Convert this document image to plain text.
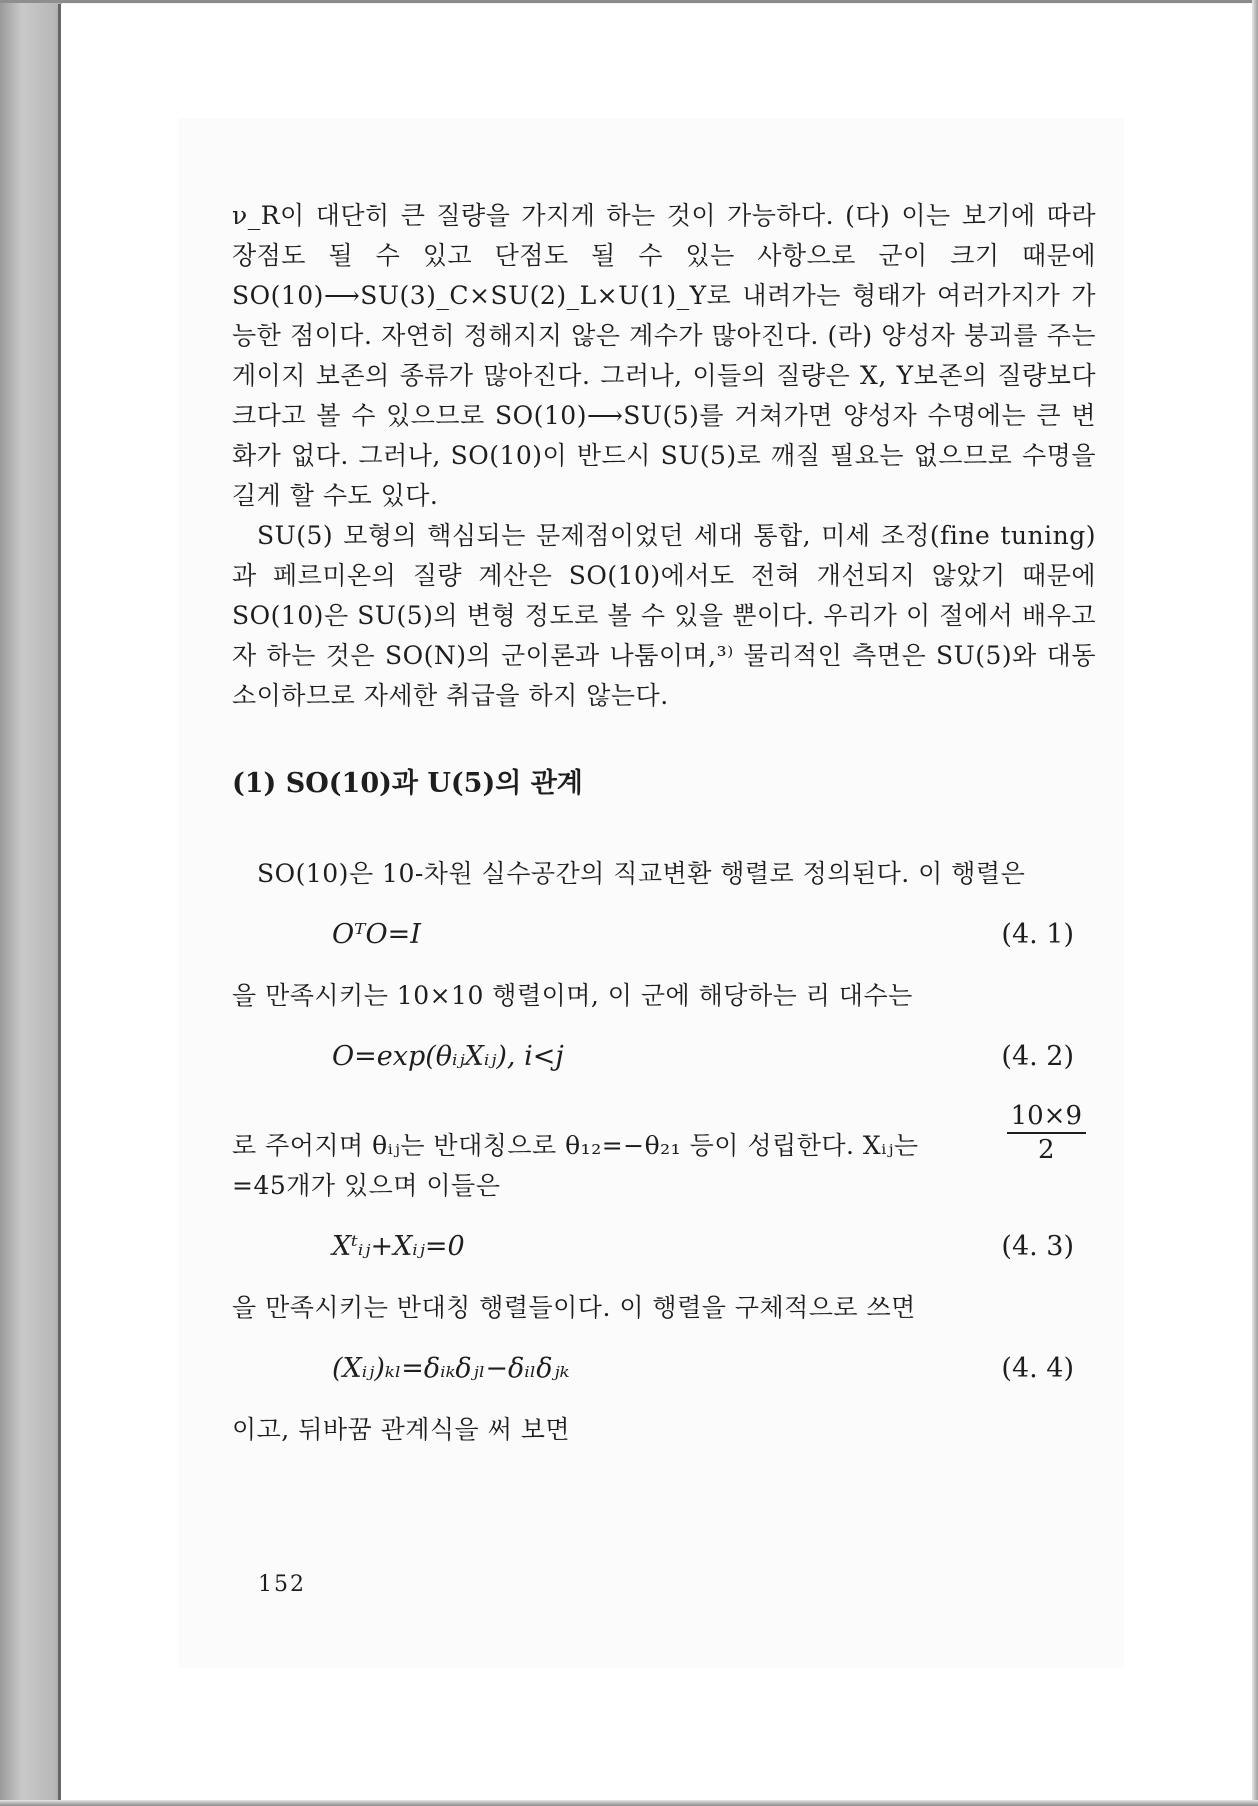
ν_R이 대단히 큰 질량을 가지게 하는 것이 가능하다. (다) 이는 보기에 따라 장점도 될 수 있고 단점도 될 수 있는 사항으로 군이 크기 때문에 SO(10)⟶SU(3)_C×SU(2)_L×U(1)_Y로 내려가는 형태가 여러가지가 가능한 점이다. 자연히 정해지지 않은 계수가 많아진다. (라) 양성자 붕괴를 주는 게이지 보존의 종류가 많아진다. 그러나, 이들의 질량은 X, Y보존의 질량보다 크다고 볼 수 있으므로 SO(10)⟶SU(5)를 거쳐가면 양성자 수명에는 큰 변화가 없다. 그러나, SO(10)이 반드시 SU(5)로 깨질 필요는 없으므로 수명을 길게 할 수도 있다.

SU(5) 모형의 핵심되는 문제점이었던 세대 통합, 미세 조정(fine tuning)과 페르미온의 질량 계산은 SO(10)에서도 전혀 개선되지 않았기 때문에 SO(10)은 SU(5)의 변형 정도로 볼 수 있을 뿐이다. 우리가 이 절에서 배우고자 하는 것은 SO(N)의 군이론과 나툼이며,³⁾ 물리적인 측면은 SU(5)와 대동소이하므로 자세한 취급을 하지 않는다.

(1) SO(10)과 U(5)의 관계

SO(10)은 10-차원 실수공간의 직교변환 행렬로 정의된다. 이 행렬은

OᵀO=I	(4. 1)

을 만족시키는 10×10 행렬이며, 이 군에 해당하는 리 대수는

O=exp(θᵢⱼXᵢⱼ), i<j	(4. 2)
로 주어지며 θᵢⱼ는 반대칭으로 θ₁₂=−θ₂₁ 등이 성립한다. Xᵢⱼ는	$\frac{10\times 9}{2}$

=45개가 있으며 이들은

Xᵗᵢⱼ+Xᵢⱼ=0	(4. 3)

을 만족시키는 반대칭 행렬들이다. 이 행렬을 구체적으로 쓰면

(Xᵢⱼ)ₖₗ=δᵢₖδⱼₗ−δᵢₗδⱼₖ	(4. 4)

이고, 뒤바꿈 관계식을 써 보면

152
